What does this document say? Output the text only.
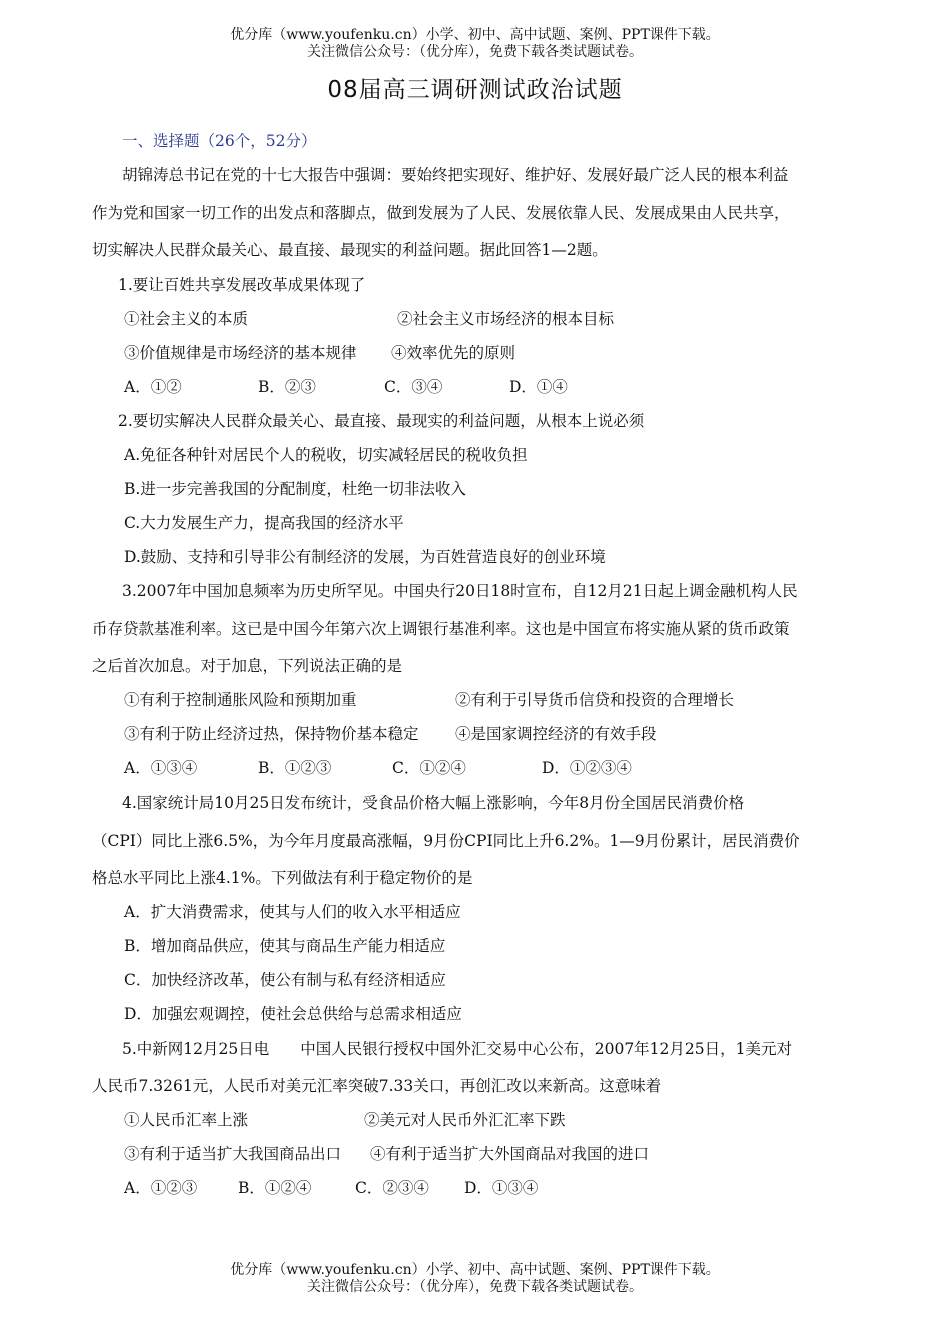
优分库（www.youfenku.cn）小学、初中、高中试题、案例、PPT课件下载。
关注微信公众号：（优分库），免费下载各类试题试卷。
08届高三调研测试政治试题
一、选择题（26个，52分）
胡锦涛总书记在党的十七大报告中强调：要始终把实现好、维护好、发展好最广泛人民的根本利益
作为党和国家一切工作的出发点和落脚点，做到发展为了人民、发展依靠人民、发展成果由人民共享，
切实解决人民群众最关心、最直接、最现实的利益问题。据此回答1—2题。
1.要让百姓共享发展改革成果体现了
①社会主义的本质	②社会主义市场经济的根本目标
③价值规律是市场经济的基本规律 ④效率优先的原则
A．①②	B．②③	C．③④	D．①④
2.要切实解决人民群众最关心、最直接、最现实的利益问题，从根本上说必须
A.免征各种针对居民个人的税收，切实减轻居民的税收负担
B.进一步完善我国的分配制度，杜绝一切非法收入
C.大力发展生产力，提高我国的经济水平
D.鼓励、支持和引导非公有制经济的发展，为百姓营造良好的创业环境
3.2007年中国加息频率为历史所罕见。中国央行20日18时宣布，自12月21日起上调金融机构人民
币存贷款基准利率。这已是中国今年第六次上调银行基准利率。这也是中国宣布将实施从紧的货币政策
之后首次加息。对于加息，下列说法正确的是
①有利于控制通胀风险和预期加重	②有利于引导货币信贷和投资的合理增长
③有利于防止经济过热，保持物价基本稳定 ④是国家调控经济的有效手段
A．①③④	B．①②③	C．①②④	D．①②③④
4.国家统计局10月25日发布统计，受食品价格大幅上涨影响，今年8月份全国居民消费价格
（CPI）同比上涨6.5%，为今年月度最高涨幅，9月份CPI同比上升6.2%。1—9月份累计，居民消费价
格总水平同比上涨4.1%。下列做法有利于稳定物价的是
A．扩大消费需求，使其与人们的收入水平相适应
B．增加商品供应，使其与商品生产能力相适应
C．加快经济改革，使公有制与私有经济相适应
D．加强宏观调控，使社会总供给与总需求相适应
5.中新网12月25日电　　中国人民银行授权中国外汇交易中心公布，2007年12月25日，1美元对
人民币7.3261元，人民币对美元汇率突破7.33关口，再创汇改以来新高。这意味着
①人民币汇率上涨	②美元对人民币外汇汇率下跌
③有利于适当扩大我国商品出口 ④有利于适当扩大外国商品对我国的进口
A．①②③	B．①②④	C．②③④ D．①③④
优分库（www.youfenku.cn）小学、初中、高中试题、案例、PPT课件下载。
关注微信公众号：（优分库），免费下载各类试题试卷。
